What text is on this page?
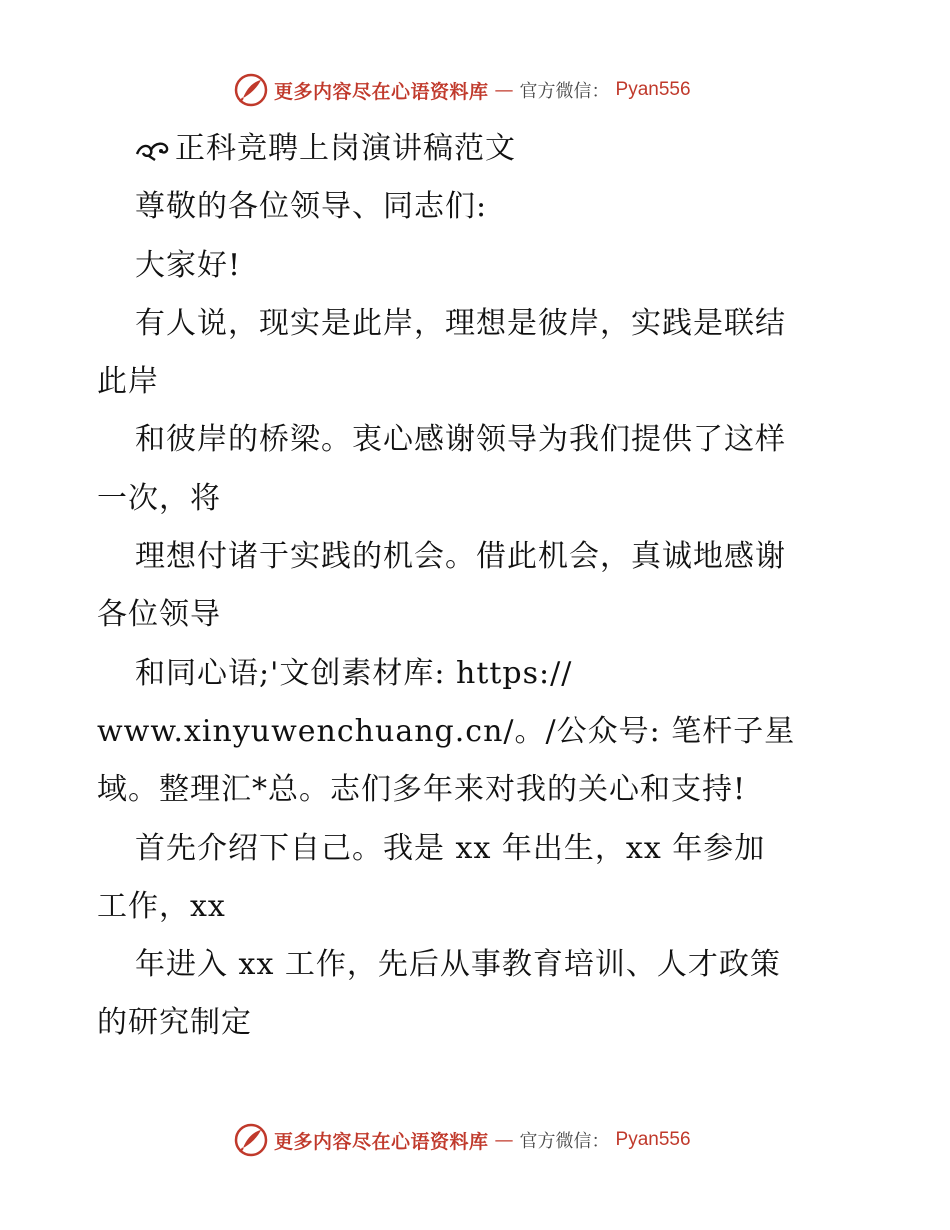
更多内容尽在心语资料库 — 官方微信： Pyan556
正科竞聘上岗演讲稿范文
尊敬的各位领导、同志们:
大家好!
有人说，现实是此岸，理想是彼岸，实践是联结
此岸
和彼岸的桥梁。衷心感谢领导为我们提供了这样
一次，将
理想付诸于实践的机会。借此机会，真诚地感谢
各位领导
和同心语;'文创素材库: https://
www.xinyuwenchuang.cn/。/公众号: 笔杆子星
域。整理汇*总。志们多年来对我的关心和支持!
首先介绍下自己。我是 xx 年出生，xx 年参加
工作，xx
年进入 xx 工作，先后从事教育培训、人才政策
的研究制定
更多内容尽在心语资料库 — 官方微信： Pyan556
